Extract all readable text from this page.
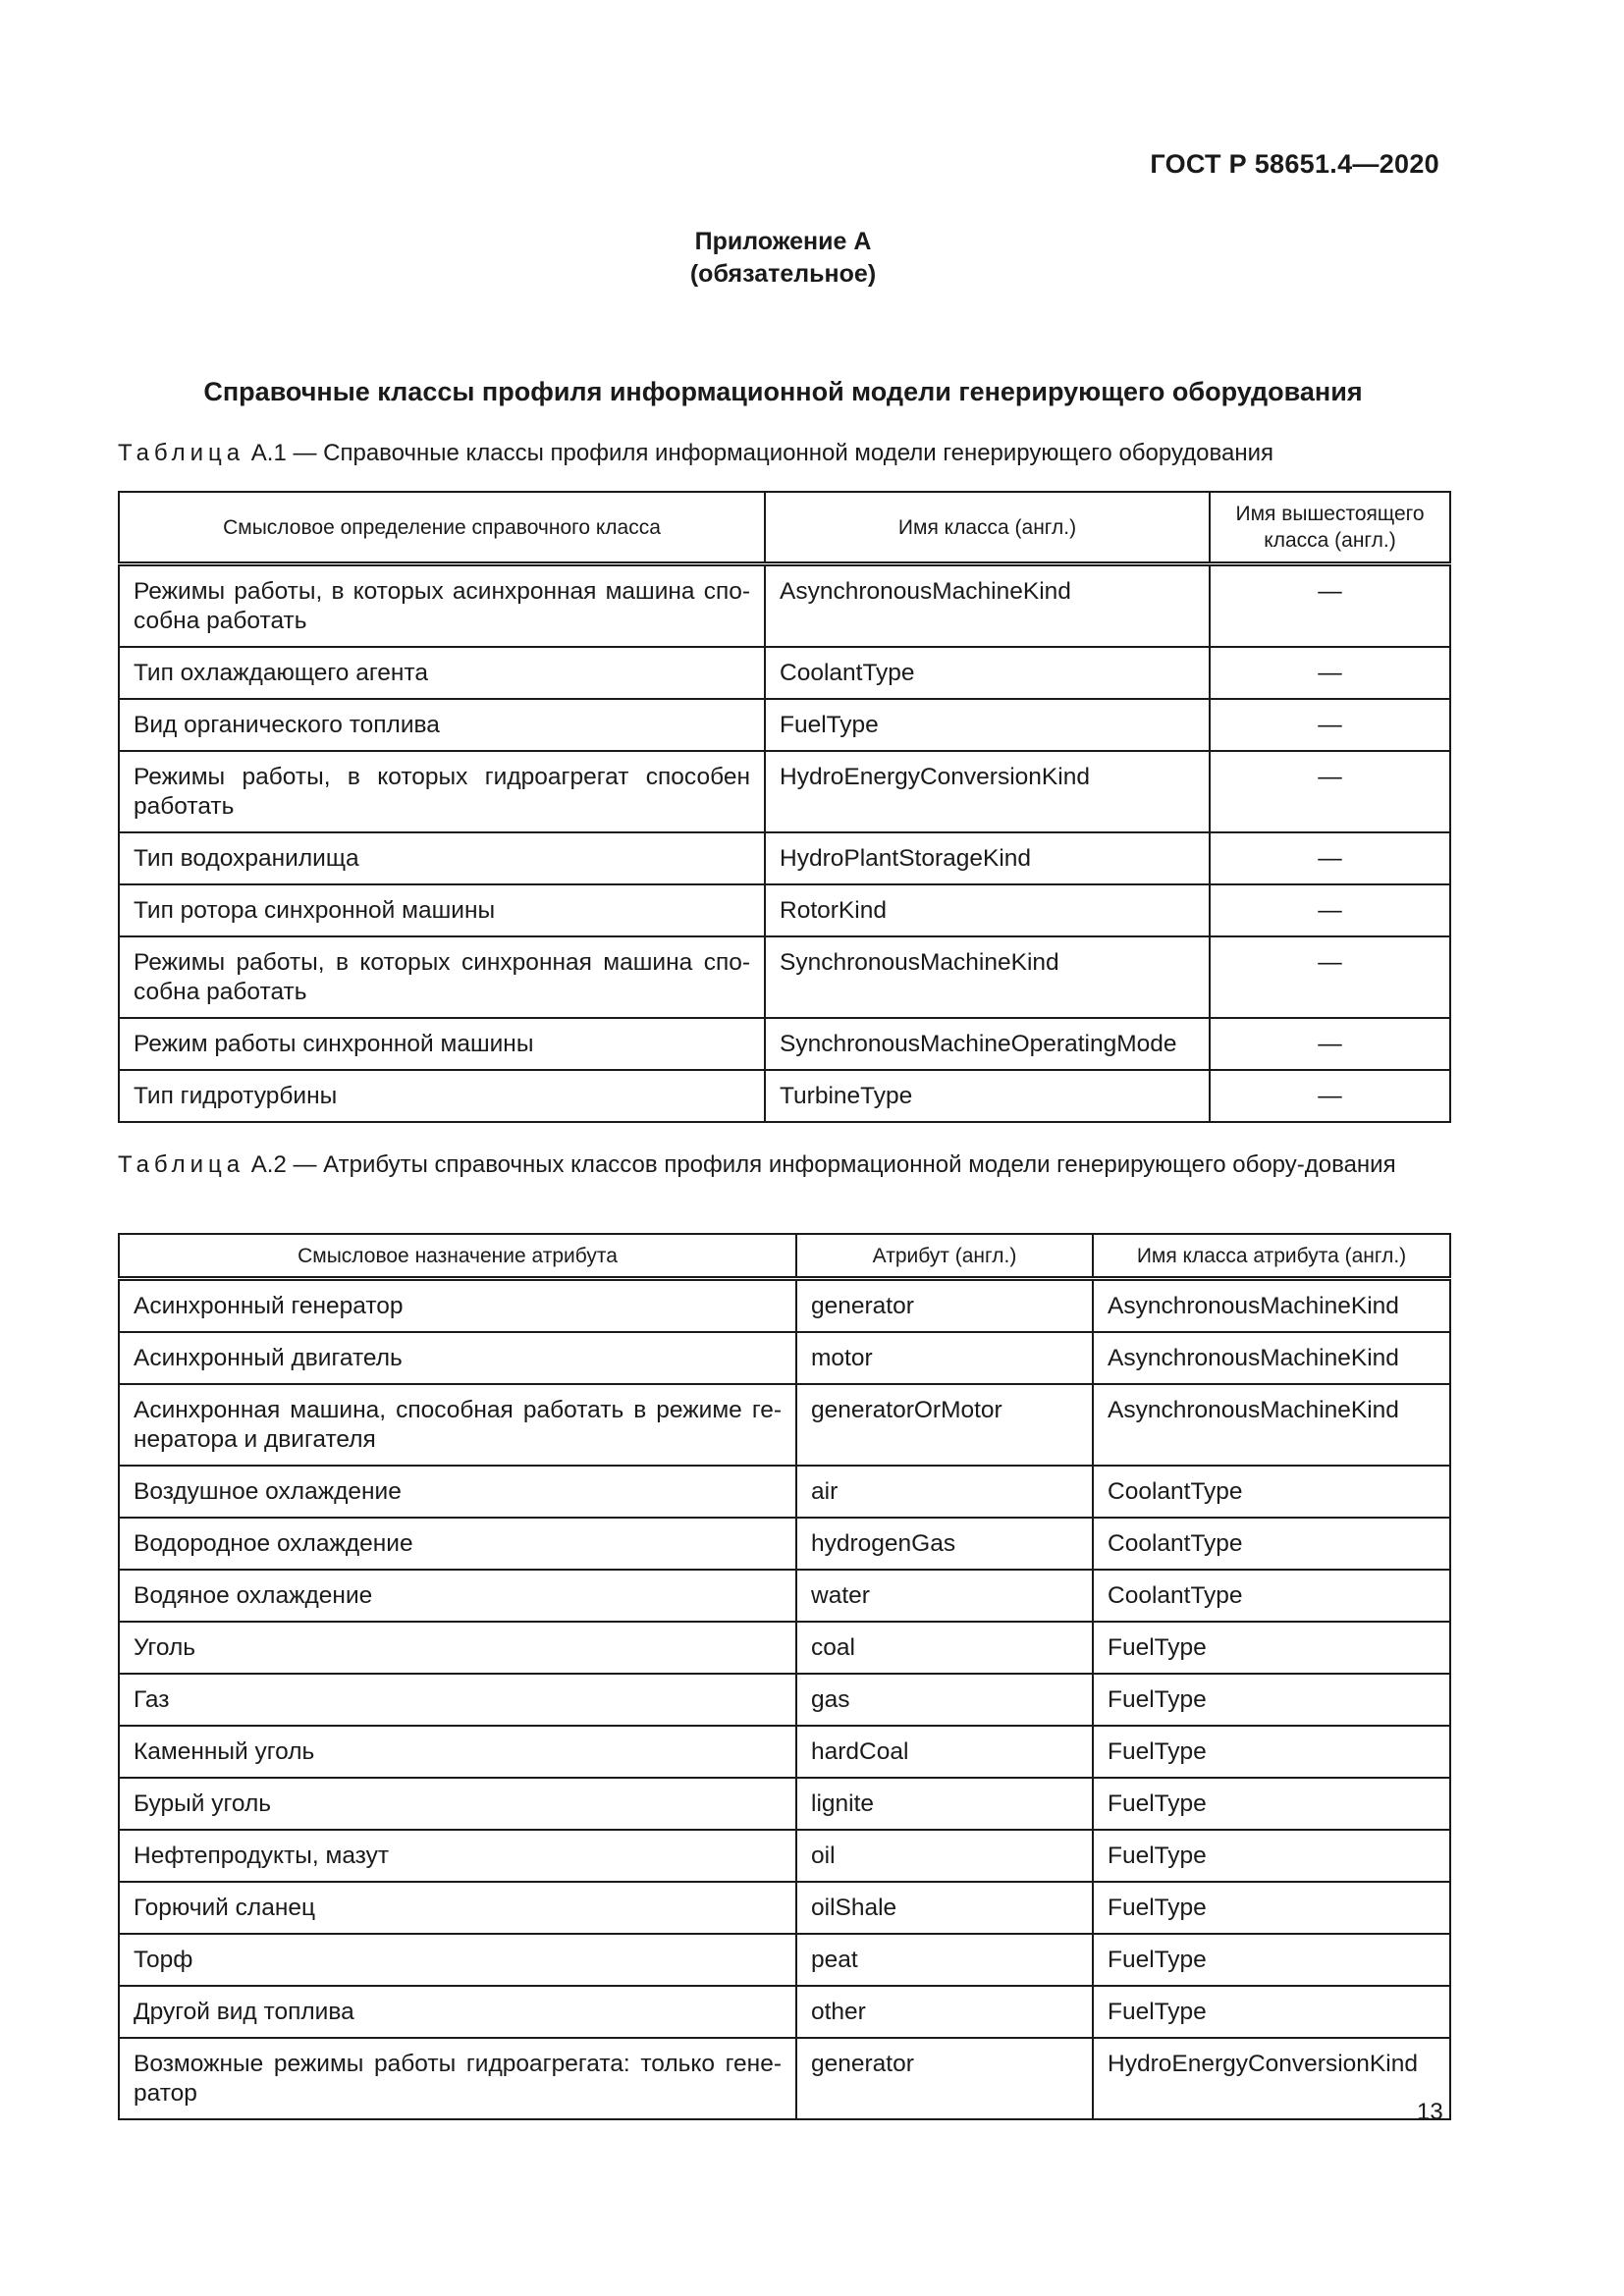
ГОСТ Р 58651.4—2020
Приложение А
(обязательное)
Справочные классы профиля информационной модели генерирующего оборудования
Таблица А.1 — Справочные классы профиля информационной модели генерирующего оборудования
Смысловое определение справочного класса	Имя класса (англ.)	Имя вышестоящего класса (англ.)
Режимы работы, в которых асинхронная машина спо-собна работать	AsynchronousMachineKind	—
Тип охлаждающего агента	CoolantType	—
Вид органического топлива	FuelType	—
Режимы работы, в которых гидроагрегат способен работать	HydroEnergyConversionKind	—
Тип водохранилища	HydroPlantStorageKind	—
Тип ротора синхронной машины	RotorKind	—
Режимы работы, в которых синхронная машина спо-собна работать	SynchronousMachineKind	—
Режим работы синхронной машины	SynchronousMachineOperatingMode	—
Тип гидротурбины	TurbineType	—
Таблица А.2 — Атрибуты справочных классов профиля информационной модели генерирующего обору-дования
Смысловое назначение атрибута	Атрибут (англ.)	Имя класса атрибута (англ.)
Асинхронный генератор	generator	AsynchronousMachineKind
Асинхронный двигатель	motor	AsynchronousMachineKind
Асинхронная машина, способная работать в режиме ге-нератора и двигателя	generatorOrMotor	AsynchronousMachineKind
Воздушное охлаждение	air	CoolantType
Водородное охлаждение	hydrogenGas	CoolantType
Водяное охлаждение	water	CoolantType
Уголь	coal	FuelType
Газ	gas	FuelType
Каменный уголь	hardCoal	FuelType
Бурый уголь	lignite	FuelType
Нефтепродукты, мазут	oil	FuelType
Горючий сланец	oilShale	FuelType
Торф	peat	FuelType
Другой вид топлива	other	FuelType
Возможные режимы работы гидроагрегата: только гене-ратор	generator	HydroEnergyConversionKind
13
